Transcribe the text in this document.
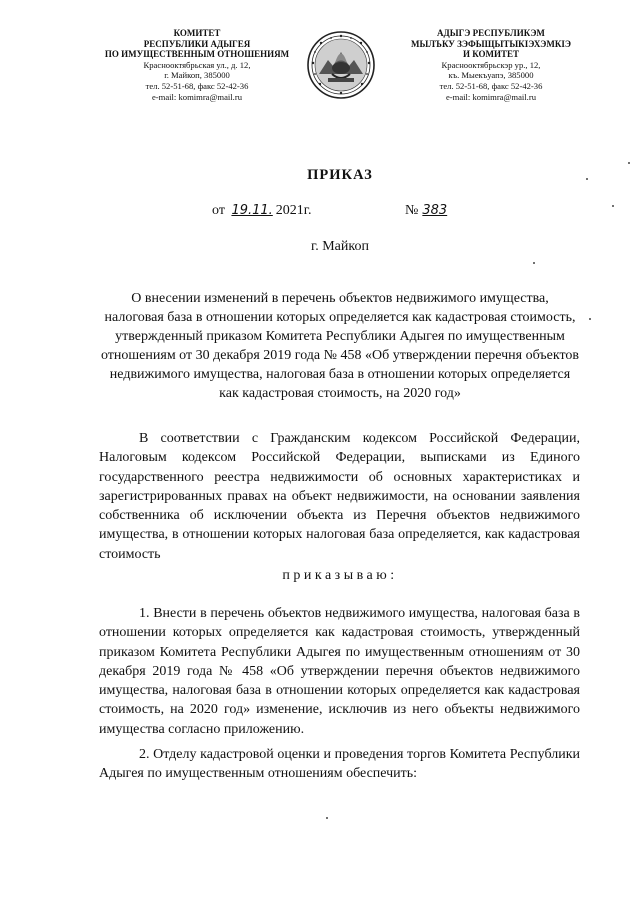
КОМИТЕТ
РЕСПУБЛИКИ АДЫГЕЯ
ПО ИМУЩЕСТВЕННЫМ ОТНОШЕНИЯМ
Краснооктябрьская ул., д. 12,
г. Майкоп, 385000
тел. 52-51-68, факс 52-42-36
e-mail: komimra@mail.ru
АДЫГЭ РЕСПУБЛИКЭМ
МЫЛЪКУ ЗЭФЫЩЫТЫКІЭХЭМКІЭ
И КОМИТЕТ
Краснооктябрьскэр ур., 12,
къ. Мыекъуапэ, 385000
тел. 52-51-68, факс 52-42-36
e-mail: komimra@mail.ru
ПРИКАЗ
от 19.11. 2021г.	№ 383
г. Майкоп
О внесении изменений в перечень объектов недвижимого имущества, налоговая база в отношении которых определяется как кадастровая стоимость, утвержденный приказом Комитета Республики Адыгея по имущественным отношениям от 30 декабря 2019 года № 458 «Об утверждении перечня объектов недвижимого имущества, налоговая база в отношении которых определяется как кадастровая стоимость, на 2020 год»
В соответствии с Гражданским кодексом Российской Федерации, Налоговым кодексом Российской Федерации, выписками из Единого государственного реестра недвижимости об основных характеристиках и зарегистрированных правах на объект недвижимости, на основании заявления собственника об исключении объекта из Перечня объектов недвижимого имущества, в отношении которых налоговая база определяется, как кадастровая стоимость
приказываю:
1. Внести в перечень объектов недвижимого имущества, налоговая база в отношении которых определяется как кадастровая стоимость, утвержденный приказом Комитета Республики Адыгея по имущественным отношениям от 30 декабря 2019 года № 458 «Об утверждении перечня объектов недвижимого имущества, налоговая база в отношении которых определяется как кадастровая стоимость, на 2020 год» изменение, исключив из него объекты недвижимого имущества согласно приложению.
2. Отделу кадастровой оценки и проведения торгов Комитета Республики Адыгея по имущественным отношениям обеспечить:
